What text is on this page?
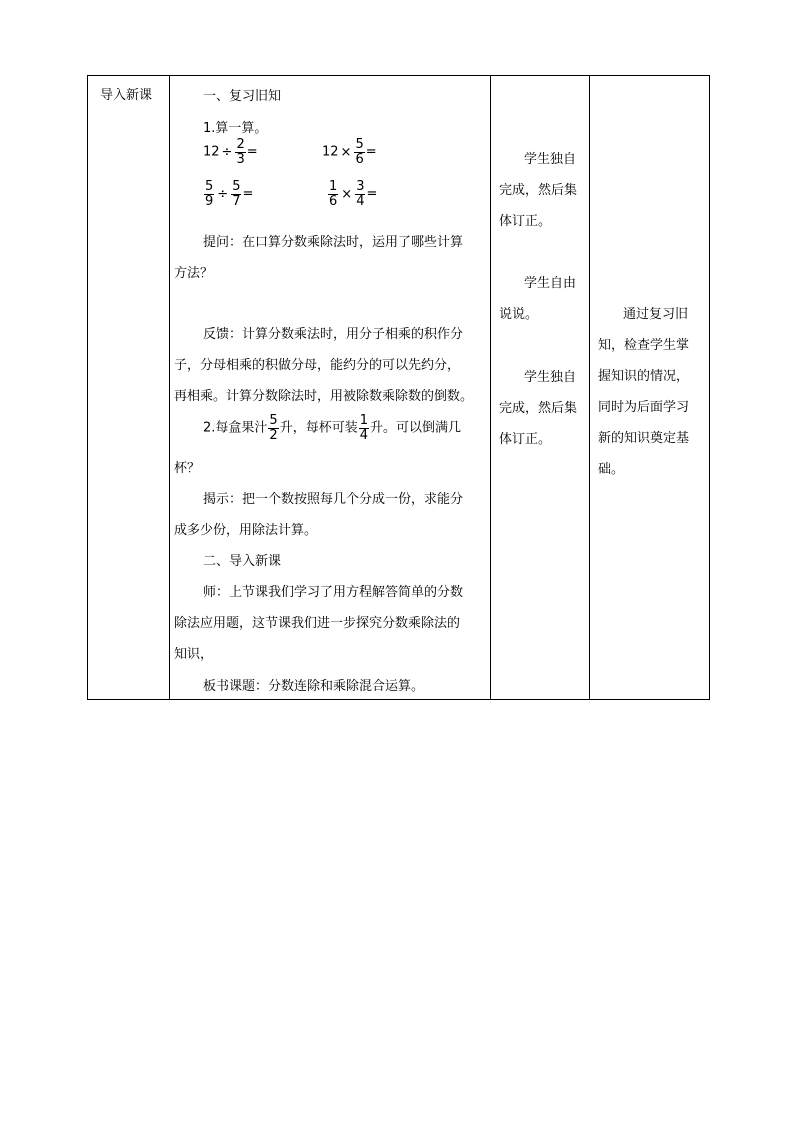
导入新课	一、复习旧知
1.算一算。
$12 \div \frac{2}{3}$ =	$12 \times \frac{5}{6}$ =
$\frac{5}{9} \div \frac{5}{7}$ =	$\frac{1}{6} \times \frac{3}{4}$ =
提问：在口算分数乘除法时，运用了哪些计算
方法？
反馈：计算分数乘法时，用分子相乘的积作分
子，分母相乘的积做分母，能约分的可以先约分，
再相乘。计算分数除法时，用被除数乘除数的倒数。
2.每盒果汁 $\frac{5}{2}$ 升，每杯可装 $\frac{1}{4}$ 升。可以倒满几
杯？
揭示：把一个数按照每几个分成一份，求能分
成多少份，用除法计算。
二、导入新课
师：上节课我们学习了用方程解答简单的分数
除法应用题，这节课我们进一步探究分数乘除法的
知识，
板书课题：分数连除和乘除混合运算。

学生独自
完成，然后集
体订正。
学生自由
说说。
学生独自
完成，然后集
体订正。

通过复习旧
知，检查学生掌
握知识的情况，
同时为后面学习
新的知识奠定基
础。
